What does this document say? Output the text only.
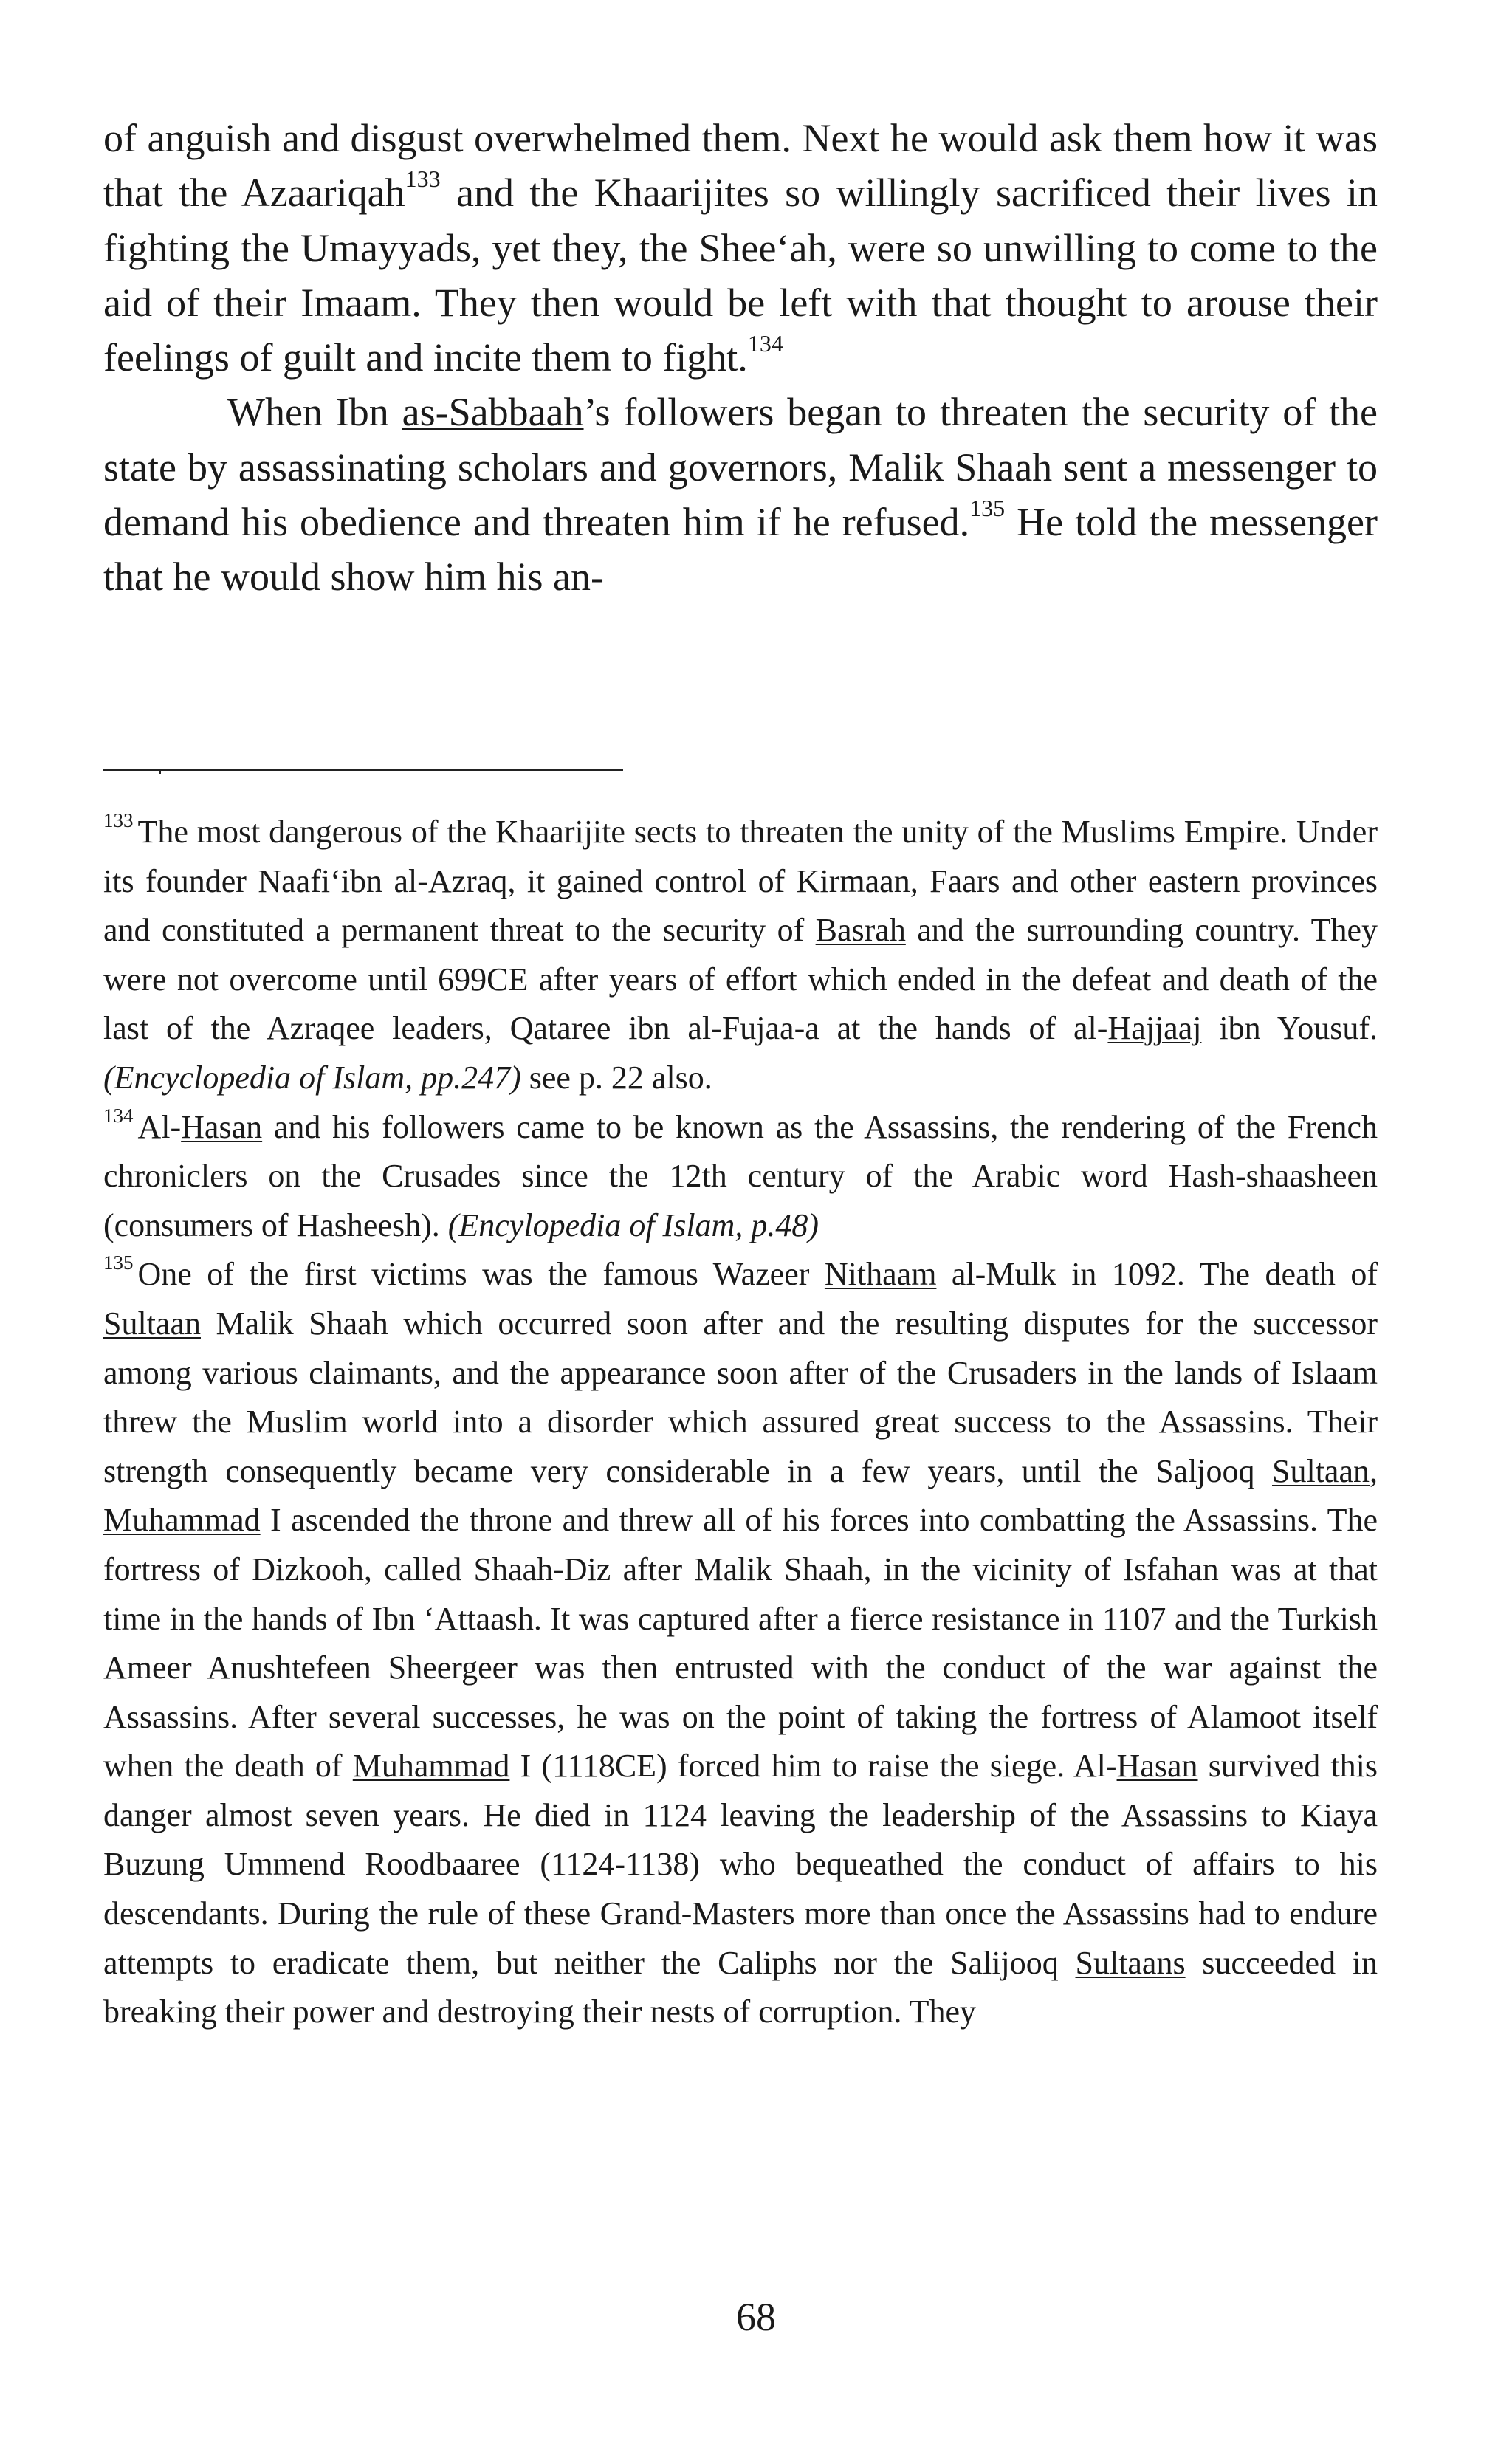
of anguish and disgust overwhelmed them. Next he would ask them how it was that the Azaariqah$^{133}$ and the Khaarijites so willingly sacrificed their lives in fighting the Umayyads, yet they, the Shee‘ah, were so unwilling to come to the aid of their Imaam. They then would be left with that thought to arouse their feelings of guilt and incite them to fight.$^{134}$

When Ibn as-Sabbaah’s followers began to threaten the security of the state by assassinating scholars and governors, Malik Shaah sent a messenger to demand his obedience and threaten him if he refused.$^{135}$ He told the messenger that he would show him his an-

$^{133}$ The most dangerous of the Khaarijite sects to threaten the unity of the Muslims Empire. Under its founder Naafi‘ibn al-Azraq, it gained control of Kirmaan, Faars and other eastern provinces and constituted a permanent threat to the security of Basrah and the surrounding country. They were not overcome until 699CE after years of effort which ended in the defeat and death of the last of the Azraqee leaders, Qataree ibn al-Fujaa-a at the hands of al-Hajjaaj ibn Yousuf. (Encyclopedia of Islam, pp.247) see p. 22 also.

$^{134}$ Al-Hasan and his followers came to be known as the Assassins, the rendering of the French chroniclers on the Crusades since the 12th century of the Arabic word Hash-shaasheen (consumers of Hasheesh). (Encylopedia of Islam, p.48)

$^{135}$ One of the first victims was the famous Wazeer Nithaam al-Mulk in 1092. The death of Sultaan Malik Shaah which occurred soon after and the resulting disputes for the successor among various claimants, and the appearance soon after of the Crusaders in the lands of Islaam threw the Muslim world into a disorder which assured great success to the Assassins. Their strength consequently became very considerable in a few years, until the Saljooq Sultaan, Muhammad I ascended the throne and threw all of his forces into combatting the Assassins. The fortress of Dizkooh, called Shaah-Diz after Malik Shaah, in the vicinity of Isfahan was at that time in the hands of Ibn ‘Attaash. It was captured after a fierce resistance in 1107 and the Turkish Ameer Anushtefeen Sheergeer was then entrusted with the conduct of the war against the Assassins. After several successes, he was on the point of taking the fortress of Alamoot itself when the death of Muhammad I (1118CE) forced him to raise the siege. Al-Hasan survived this danger almost seven years. He died in 1124 leaving the leadership of the Assassins to Kiaya Buzung Ummend Roodbaaree (1124-1138) who bequeathed the conduct of affairs to his descendants. During the rule of these Grand-Masters more than once the Assassins had to endure attempts to eradicate them, but neither the Caliphs nor the Salijooq Sultaans succeeded in breaking their power and destroying their nests of corruption. They

68
